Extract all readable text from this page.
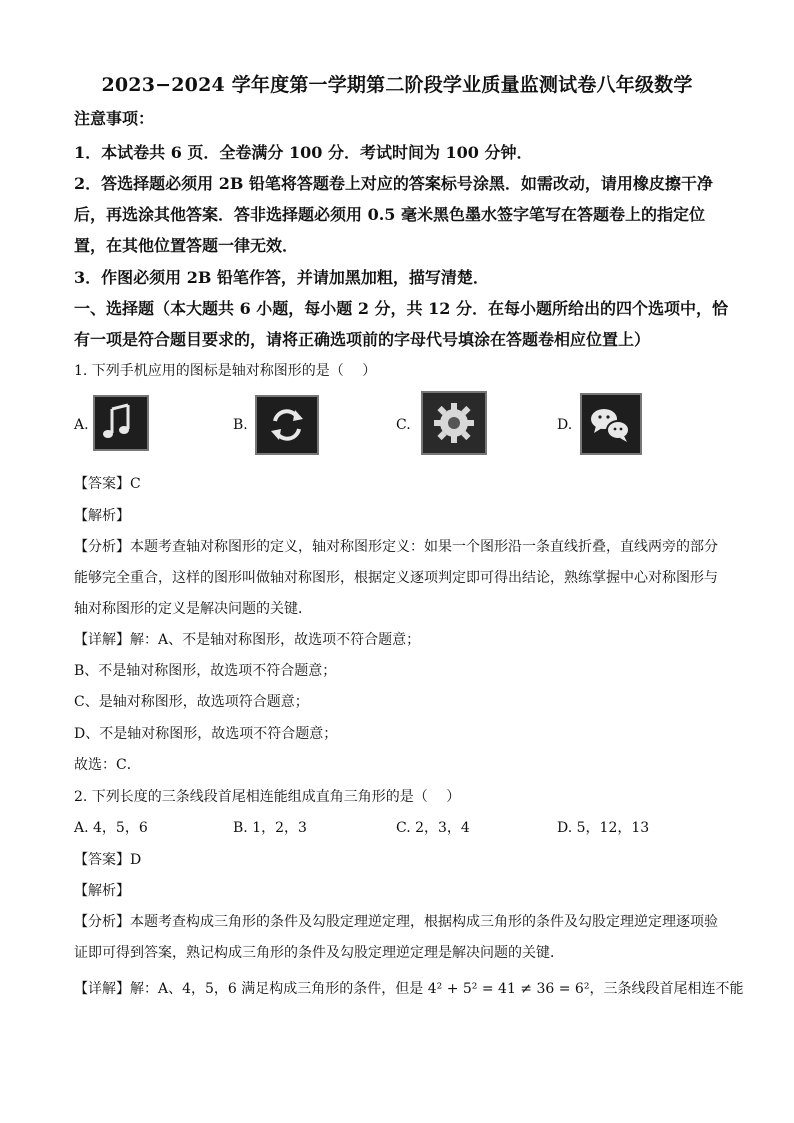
2023−2024 学年度第一学期第二阶段学业质量监测试卷八年级数学
注意事项：
1．本试卷共 6 页．全卷满分 100 分．考试时间为 100 分钟．
2．答选择题必须用 2B 铅笔将答题卷上对应的答案标号涂黑．如需改动，请用橡皮擦干净
后，再选涂其他答案．答非选择题必须用 0.5 毫米黑色墨水签字笔写在答题卷上的指定位
置，在其他位置答题一律无效．
3．作图必须用 2B 铅笔作答，并请加黑加粗，描写清楚．
一、选择题（本大题共 6 小题，每小题 2 分，共 12 分．在每小题所给出的四个选项中，恰
有一项是符合题目要求的，请将正确选项前的字母代号填涂在答题卷相应位置上）
1. 下列手机应用的图标是轴对称图形的是（　 ）
A.	B.	C.	D.
【答案】C
【解析】
【分析】本题考查轴对称图形的定义，轴对称图形定义：如果一个图形沿一条直线折叠，直线两旁的部分
能够完全重合，这样的图形叫做轴对称图形，根据定义逐项判定即可得出结论，熟练掌握中心对称图形与
轴对称图形的定义是解决问题的关键．
【详解】解：A、不是轴对称图形，故选项不符合题意；
B、不是轴对称图形，故选项不符合题意；
C、是轴对称图形，故选项符合题意；
D、不是轴对称图形，故选项不符合题意；
故选：C．
2. 下列长度的三条线段首尾相连能组成直角三角形的是（　 ）
A. 4，5，6	B. 1，2，3	C. 2，3，4	D. 5，12，13
【答案】D
【解析】
【分析】本题考查构成三角形的条件及勾股定理逆定理，根据构成三角形的条件及勾股定理逆定理逐项验
证即可得到答案，熟记构成三角形的条件及勾股定理逆定理是解决问题的关键．
【详解】解：A、4，5，6 满足构成三角形的条件，但是 4² + 5² = 41 ≠ 36 = 6²，三条线段首尾相连不能
